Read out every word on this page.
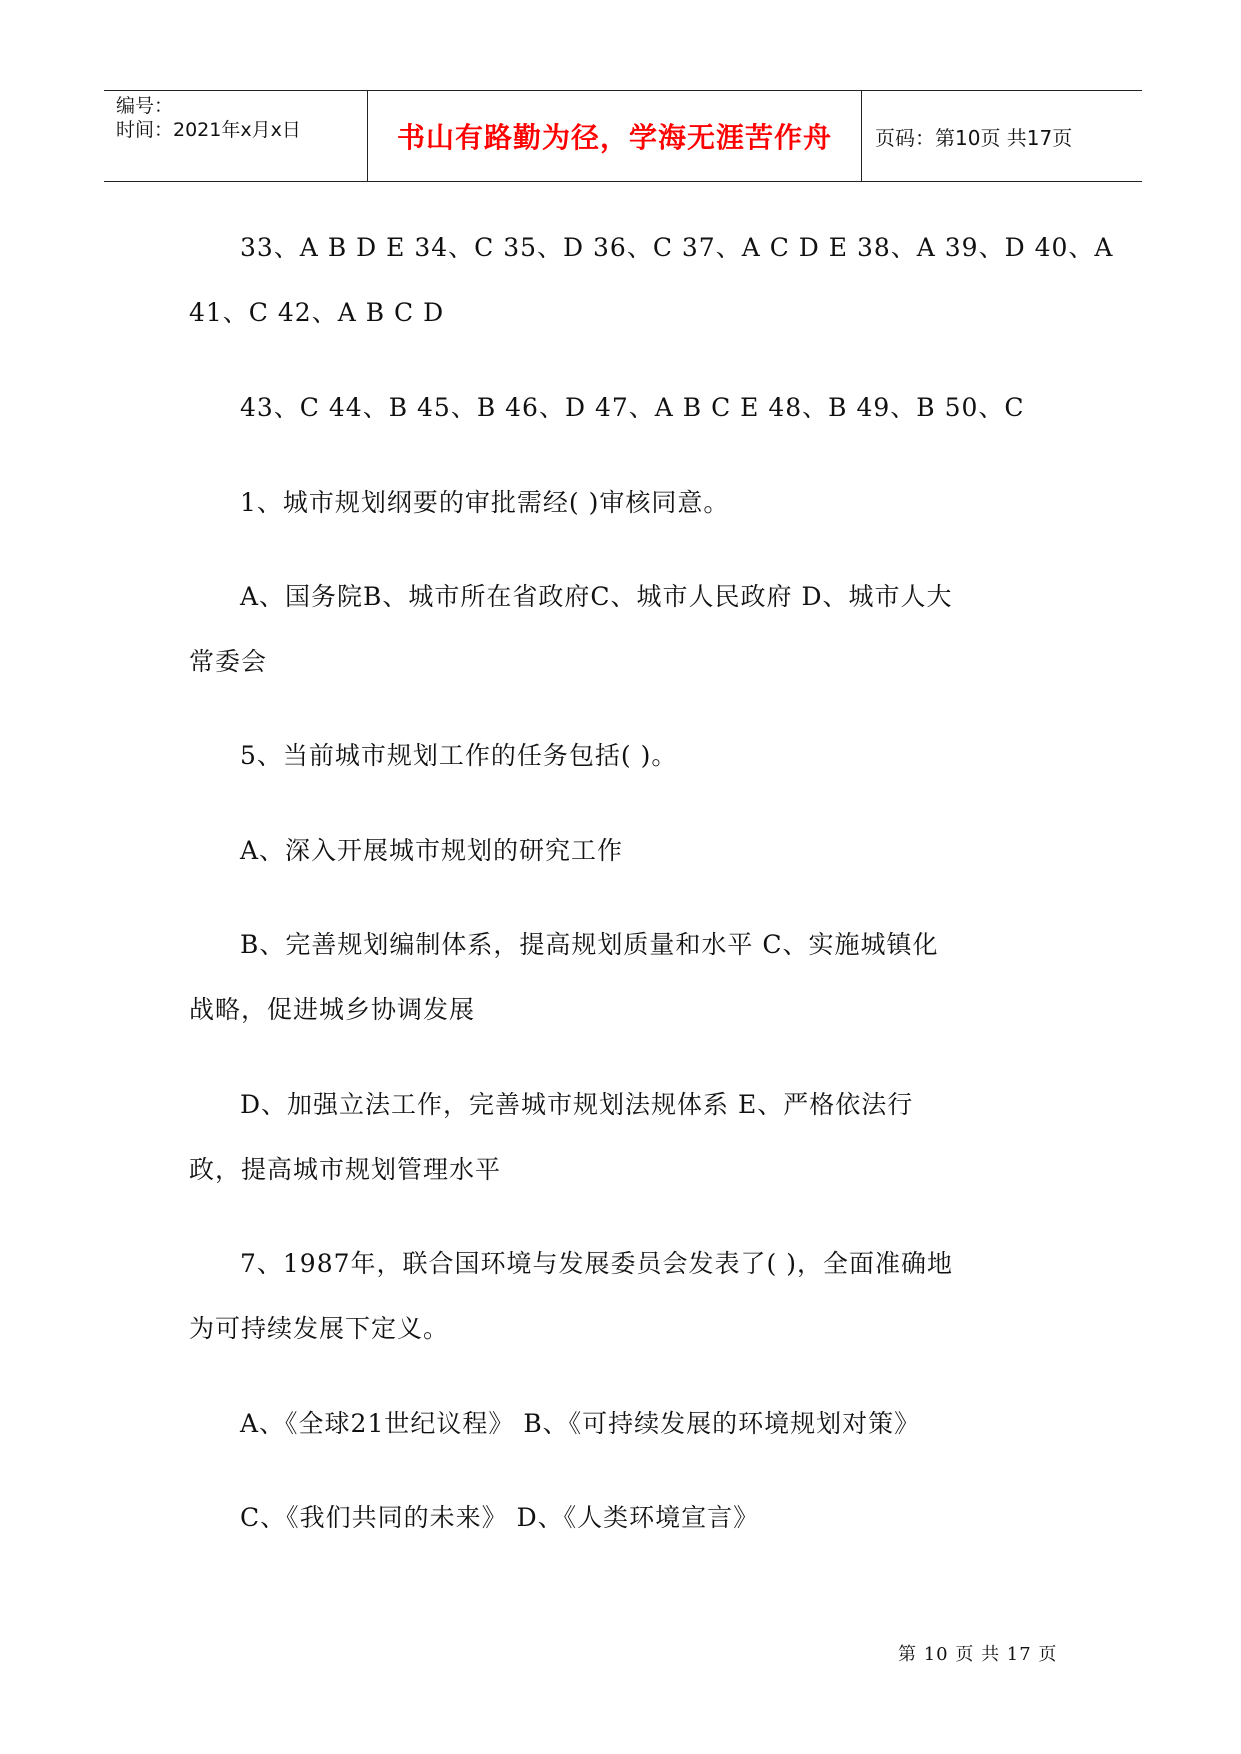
编号：
时间：2021年x月x日	书山有路勤为径，学海无涯苦作舟	页码：第10页 共17页
33、A B D E 34、C 35、D 36、C 37、A C D E 38、A 39、D 40、A
41、C 42、A B C D
43、C 44、B 45、B 46、D 47、A B C E 48、B 49、B 50、C
1、城市规划纲要的审批需经( )审核同意。
A、国务院B、城市所在省政府C、城市人民政府 D、城市人大
常委会
5、当前城市规划工作的任务包括( )。
A、深入开展城市规划的研究工作
B、完善规划编制体系，提高规划质量和水平 C、实施城镇化
战略，促进城乡协调发展
D、加强立法工作，完善城市规划法规体系 E、严格依法行
政，提高城市规划管理水平
7、1987年，联合国环境与发展委员会发表了( )，全面准确地
为可持续发展下定义。
A、《全球21世纪议程》 B、《可持续发展的环境规划对策》
C、《我们共同的未来》 D、《人类环境宣言》
第 10 页 共 17 页
